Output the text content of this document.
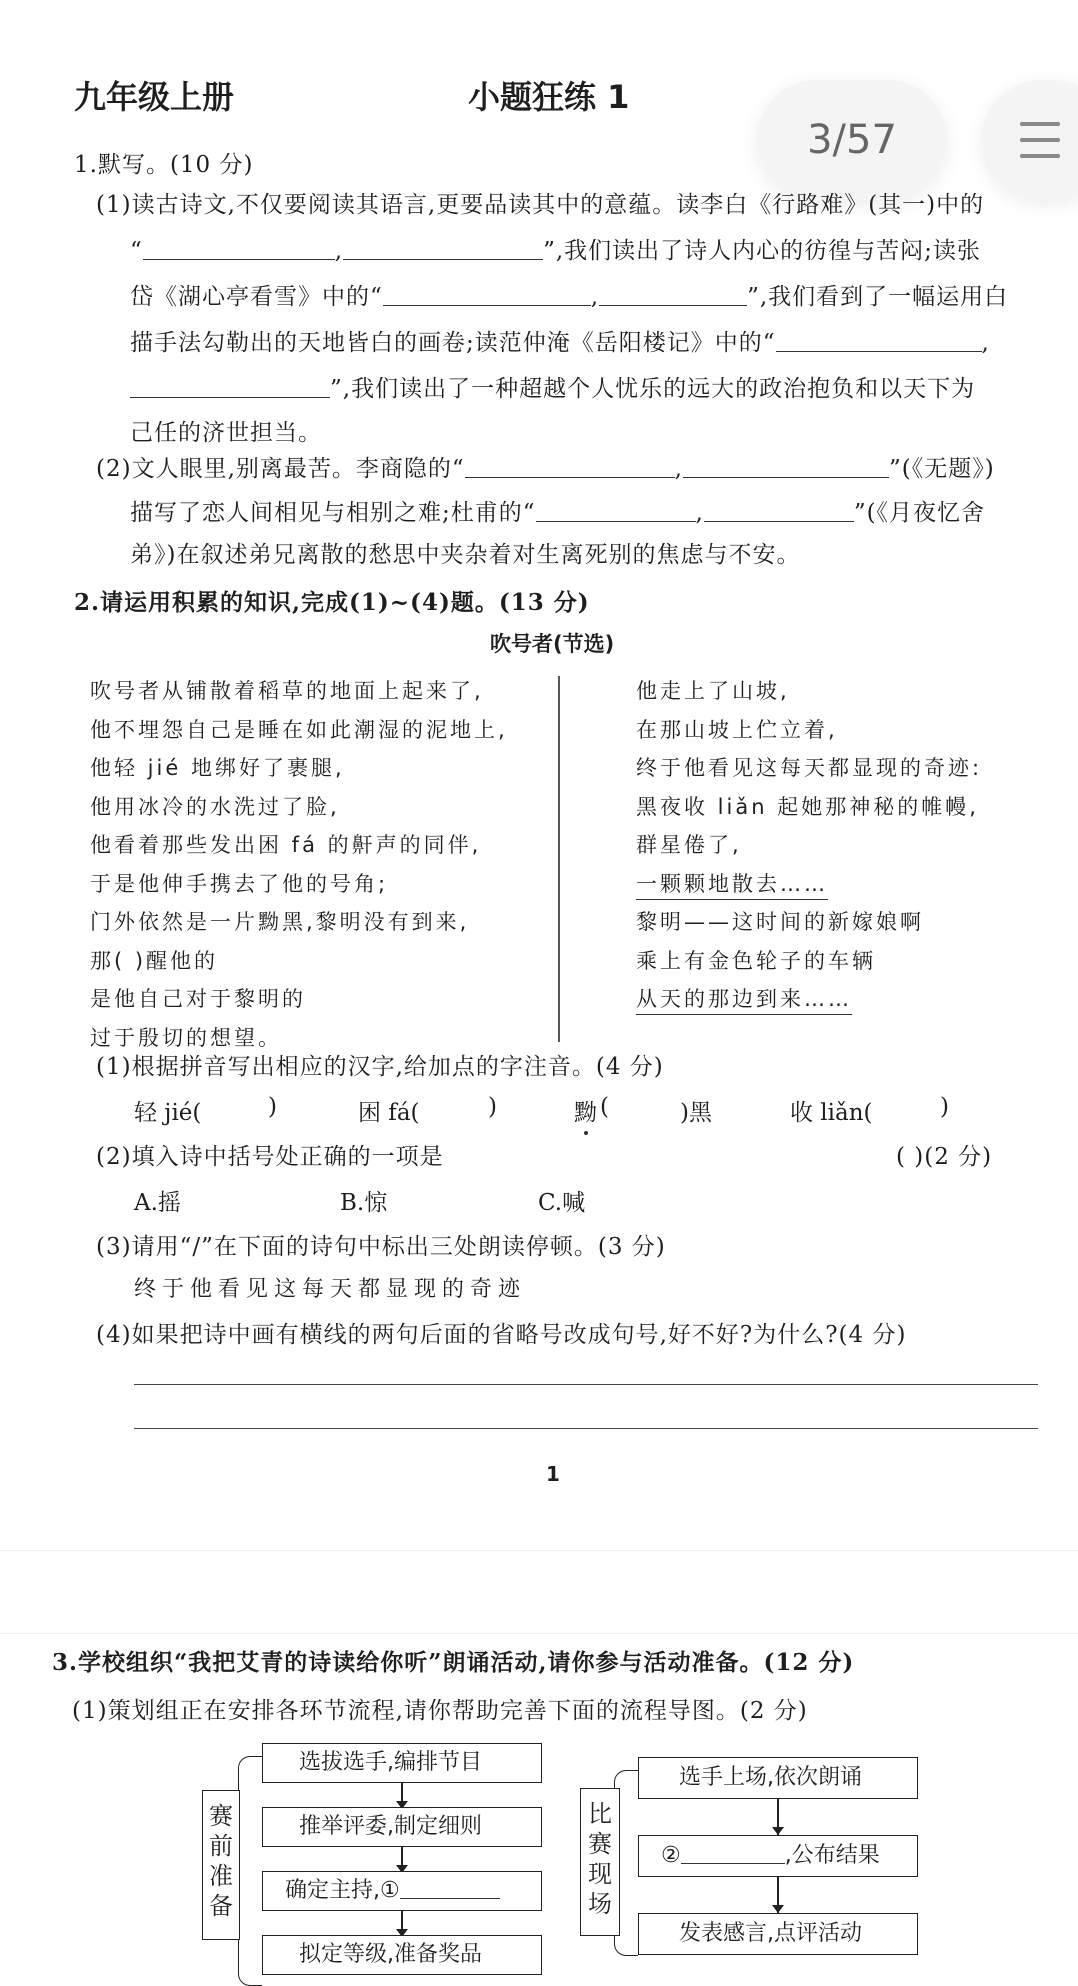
九年级上册	小题狂练 1
3/57
1.默写。(10 分)
(1)读古诗文,不仅要阅读其语言,更要品读其中的意蕴。读李白《行路难》(其一)中的
“	,	”,我们读出了诗人内心的彷徨与苦闷;读张
岱《湖心亭看雪》中的“	,	”,我们看到了一幅运用白
描手法勾勒出的天地皆白的画卷;读范仲淹《岳阳楼记》中的“	,
”,我们读出了一种超越个人忧乐的远大的政治抱负和以天下为
己任的济世担当。
(2)文人眼里,别离最苦。李商隐的“	,	”(《无题》)
描写了恋人间相见与相别之难;杜甫的“	,	”(《月夜忆舍
弟》)在叙述弟兄离散的愁思中夹杂着对生离死别的焦虑与不安。
2.请运用积累的知识,完成(1)~(4)题。(13 分)
吹号者(节选)
吹号者从铺散着稻草的地面上起来了,
他不埋怨自己是睡在如此潮湿的泥地上,
他轻 jié 地绑好了裹腿,
他用冰冷的水洗过了脸,
他看着那些发出困 fá 的鼾声的同伴,
于是他伸手携去了他的号角;
门外依然是一片黝黑,黎明没有到来,
那( )醒他的
是他自己对于黎明的
过于殷切的想望。
他走上了山坡,
在那山坡上伫立着,
终于他看见这每天都显现的奇迹:
黑夜收 liǎn 起她那神秘的帷幔,
群星倦了,
一颗颗地散去……
黎明——这时间的新嫁娘啊
乘上有金色轮子的车辆
从天的那边到来……
(1)根据拼音写出相应的汉字,给加点的字注音。(4 分)
轻 jié(	)	困 fá(	)	黝 (	)黑	收 liǎn(	)
(2)填入诗中括号处正确的一项是	( )(2 分)
A.摇	B.惊	C.喊
(3)请用“/”在下面的诗句中标出三处朗读停顿。(3 分)
终于他看见这每天都显现的奇迹
(4)如果把诗中画有横线的两句后面的省略号改成句号,好不好?为什么?(4 分)
1
3.学校组织“我把艾青的诗读给你听”朗诵活动,请你参与活动准备。(12 分)
(1)策划组正在安排各环节流程,请你帮助完善下面的流程导图。(2 分)
赛
前
准
备
选拔选手,编排节目
推举评委,制定细则
确定主持,①
拟定等级,准备奖品
比
赛
现
场
选手上场,依次朗诵
②	,公布结果
发表感言,点评活动
